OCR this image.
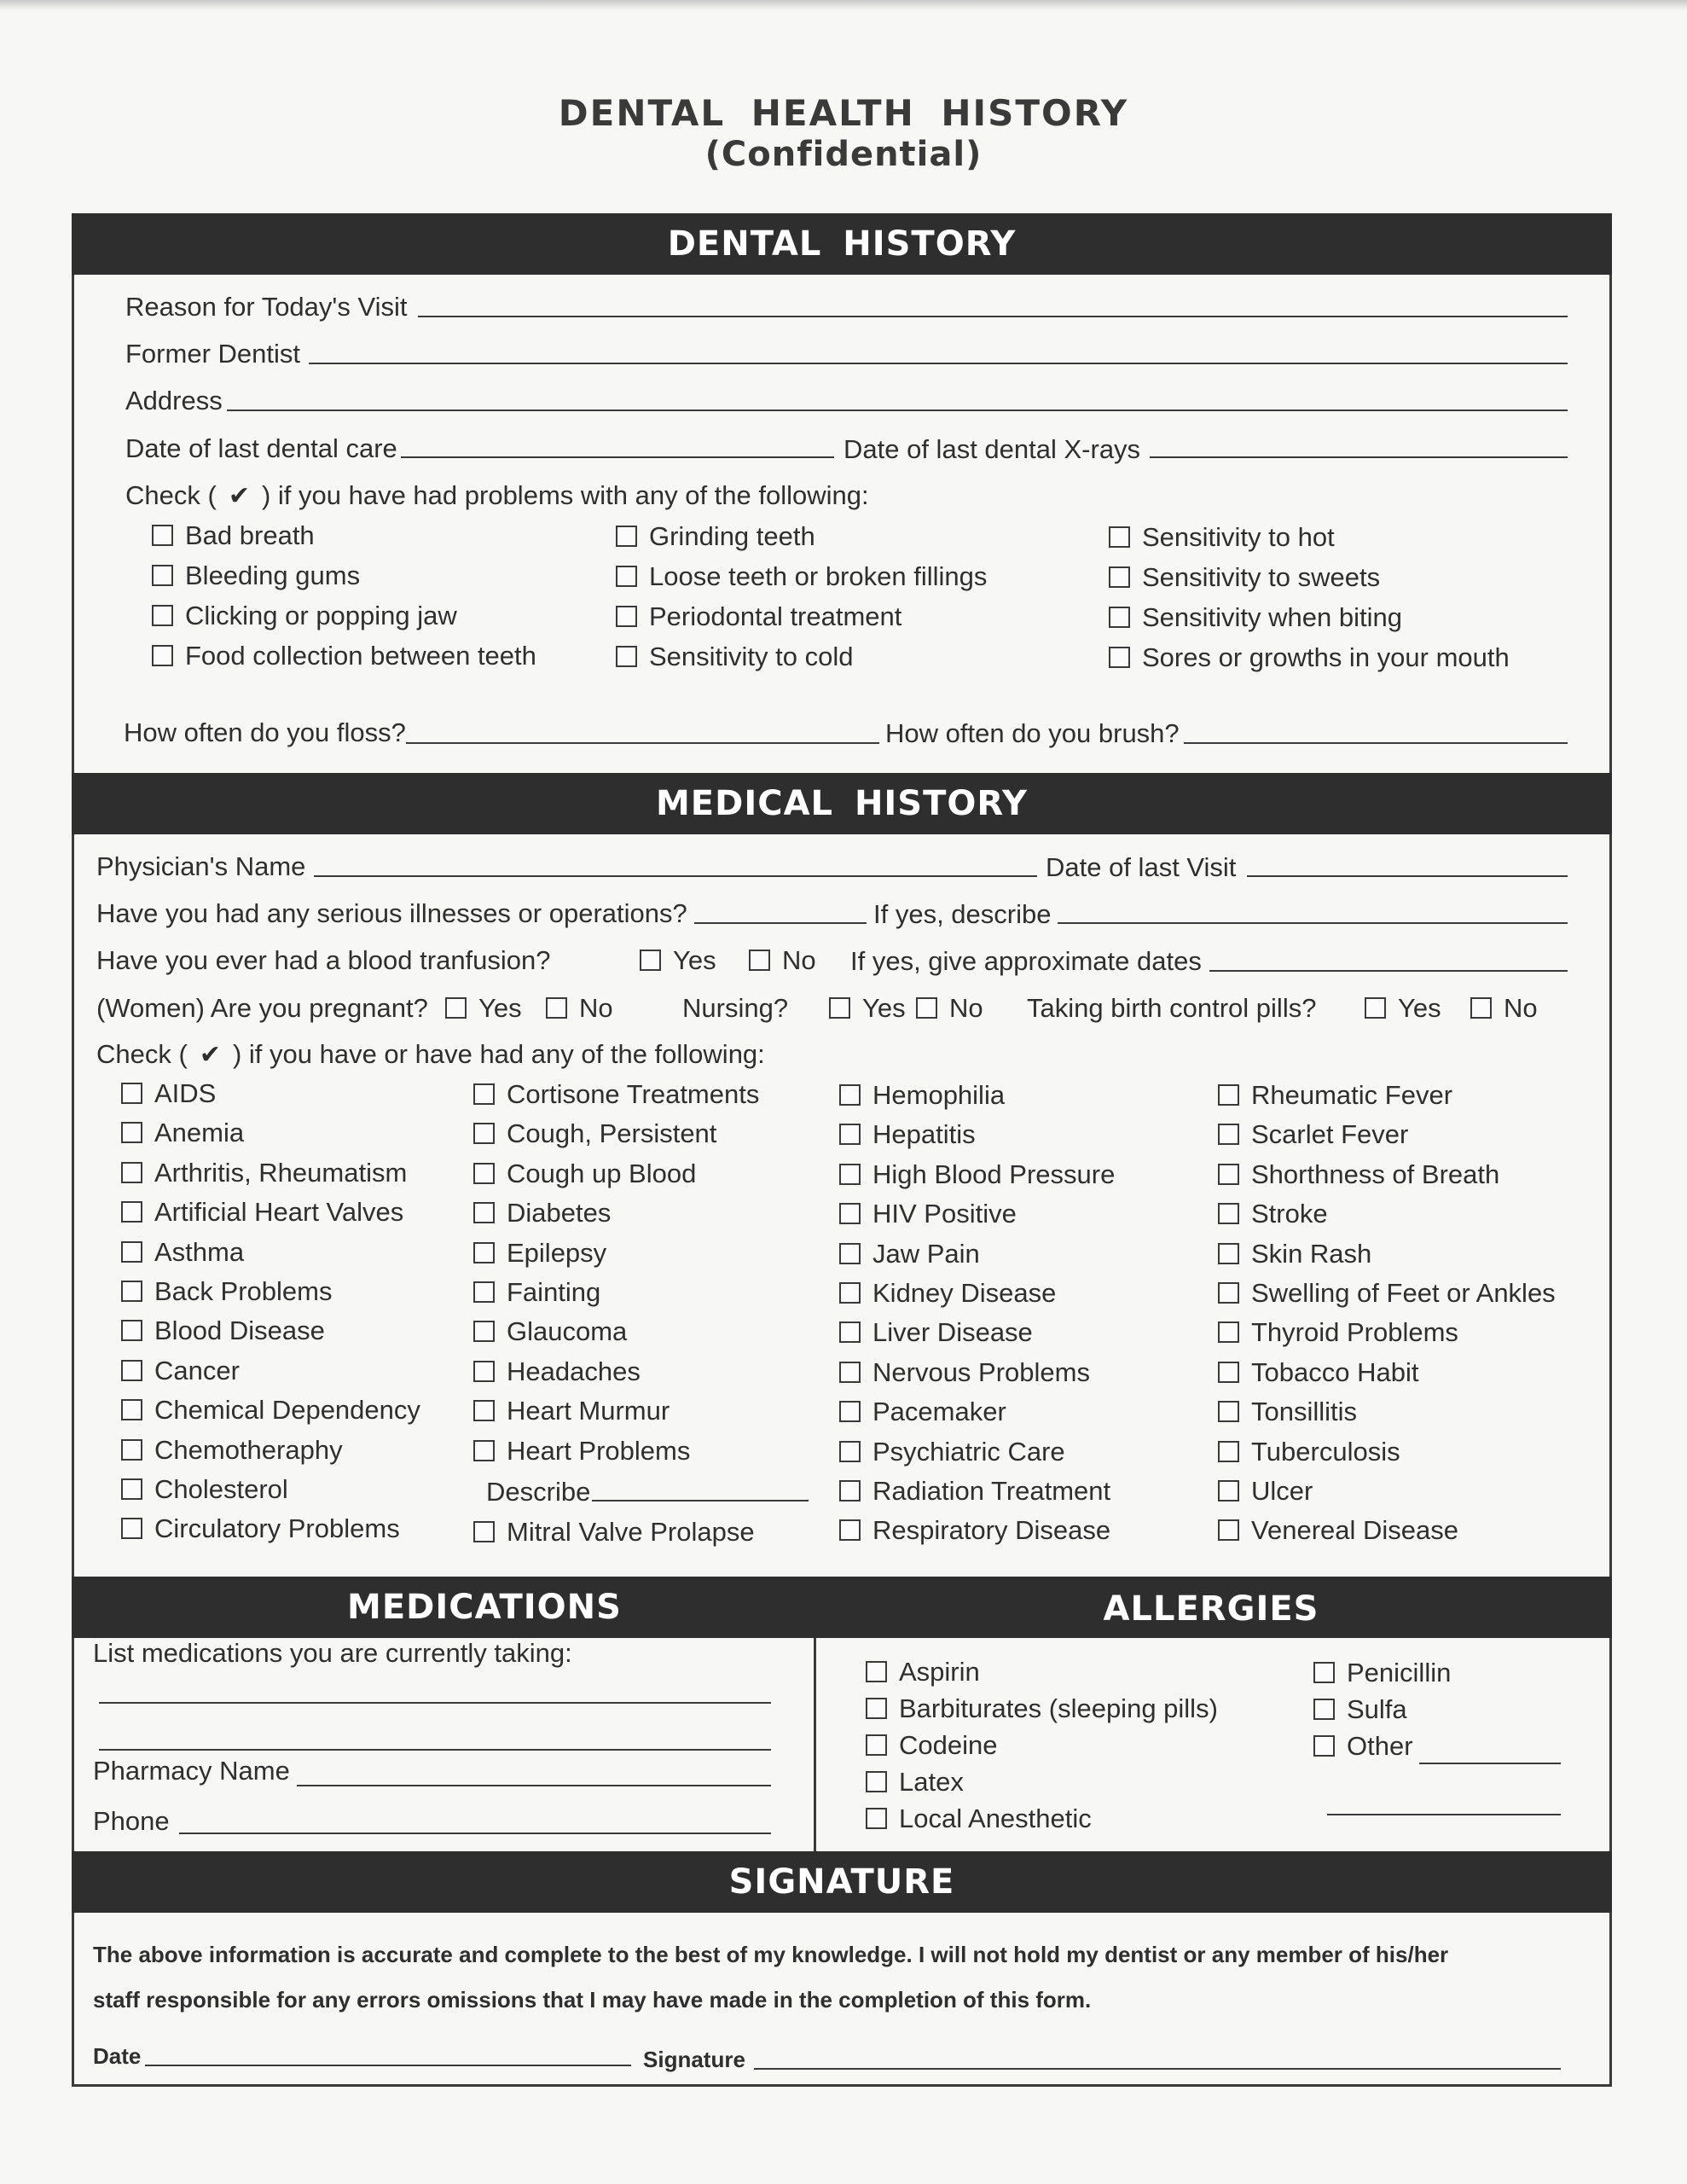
DENTAL HEALTH HISTORY
(Confidential)
DENTAL HISTORY
Reason for Today's Visit
Former Dentist
Address
Date of last dental care	Date of last dental X-rays
Check ( ✔ ) if you have had problems with any of the following:
Bad breath
Bleeding gums
Clicking or popping jaw
Food collection between teeth
Grinding teeth
Loose teeth or broken fillings
Periodontal treatment
Sensitivity to cold
Sensitivity to hot
Sensitivity to sweets
Sensitivity when biting
Sores or growths in your mouth
How often do you floss?	How often do you brush?
MEDICAL HISTORY
Physician's Name	Date of last Visit
Have you had any serious illnesses or operations?	If yes, describe
Have you ever had a blood tranfusion?	Yes No If yes, give approximate dates
(Women) Are you pregnant? Yes No	Nursing?	Yes No Taking birth control pills?	Yes No
Check ( ✔ ) if you have or have had any of the following:
AIDS
Anemia
Arthritis, Rheumatism
Artificial Heart Valves
Asthma
Back Problems
Blood Disease
Cancer
Chemical Dependency
Chemotheraphy
Cholesterol
Circulatory Problems
Cortisone Treatments
Cough, Persistent
Cough up Blood
Diabetes
Epilepsy
Fainting
Glaucoma
Headaches
Heart Murmur
Heart Problems
Mitral Valve Prolapse
Hemophilia
Hepatitis
High Blood Pressure
HIV Positive
Jaw Pain
Kidney Disease
Liver Disease
Nervous Problems
Pacemaker
Psychiatric Care
Radiation Treatment
Respiratory Disease
Rheumatic Fever
Scarlet Fever
Shorthness of Breath
Stroke
Skin Rash
Swelling of Feet or Ankles
Thyroid Problems
Tobacco Habit
Tonsillitis
Tuberculosis
Ulcer
Venereal Disease
Describe
MEDICATIONS	ALLERGIES
List medications you are currently taking:
Pharmacy Name
Phone
Aspirin
Barbiturates (sleeping pills)
Codeine
Latex
Local Anesthetic
Penicillin
Sulfa
Other
SIGNATURE
The above information is accurate and complete to the best of my knowledge. I will not hold my dentist or any member of his/her
staff responsible for any errors omissions that I may have made in the completion of this form.
Date	Signature
